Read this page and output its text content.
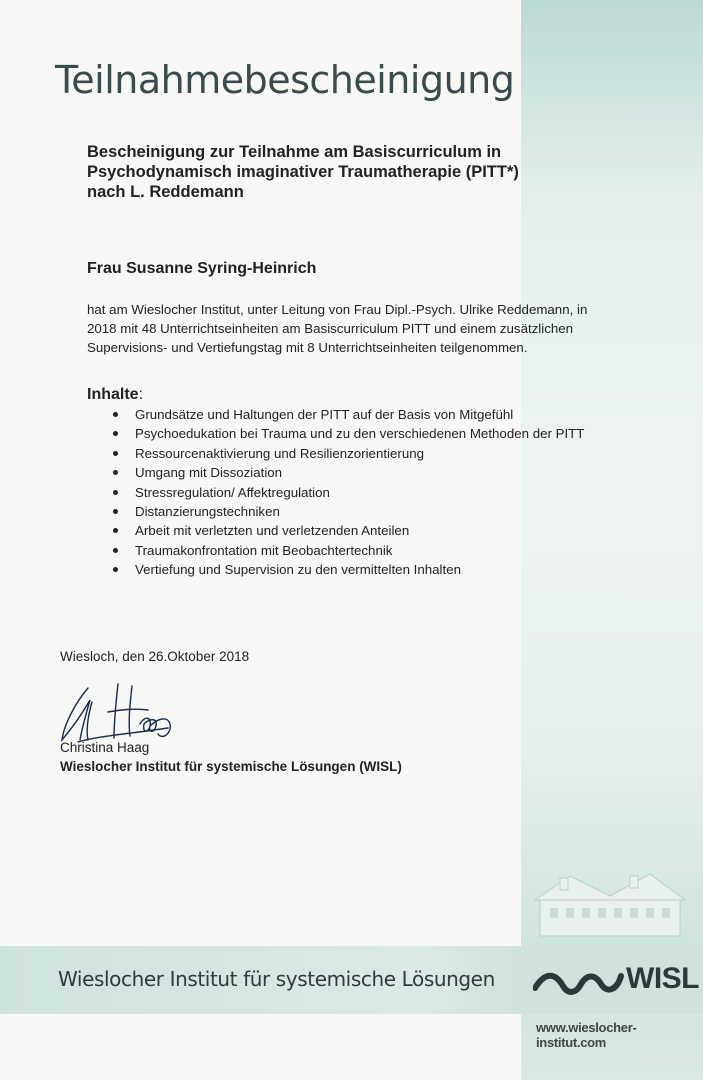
Wieslocher Institut für systemische Lösungen	WISL
www.wieslocher-institut.com
Teilnahmebescheinigung
Bescheinigung zur Teilnahme am Basiscurriculum in
Psychodynamisch imaginativer Traumatherapie (PITT*)
nach L. Reddemann
Frau Susanne Syring-Heinrich
hat am Wieslocher Institut, unter Leitung von Frau Dipl.-Psych. Ulrike Reddemann, in
2018 mit 48 Unterrichtseinheiten am Basiscurriculum PITT und einem zusätzlichen
Supervisions- und Vertiefungstag mit 8 Unterrichtseinheiten teilgenommen.
Inhalte:
Grundsätze und Haltungen der PITT auf der Basis von Mitgefühl
Psychoedukation bei Trauma und zu den verschiedenen Methoden der PITT
Ressourcenaktivierung und Resilienzorientierung
Umgang mit Dissoziation
Stressregulation/ Affektregulation
Distanzierungstechniken
Arbeit mit verletzten und verletzenden Anteilen
Traumakonfrontation mit Beobachtertechnik
Vertiefung und Supervision zu den vermittelten Inhalten
Wiesloch, den 26.Oktober 2018
Christina Haag
Wieslocher Institut für systemische Lösungen (WISL)
